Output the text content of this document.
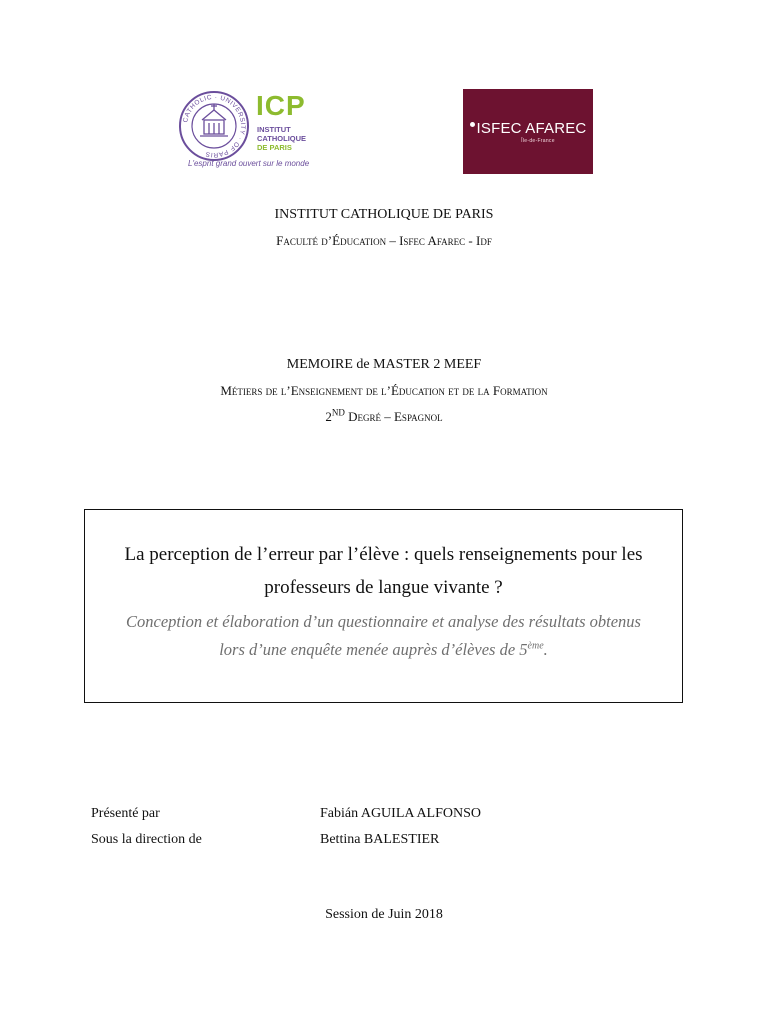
CATHOLIC · UNIVERSITY · OF PARIS
ICP
INSTITUT
CATHOLIQUE
DE PARIS
L'esprit grand ouvert sur le monde
ISFEC AFAREC
Île-de-France
INSTITUT CATHOLIQUE DE PARIS
Faculté d’Éducation – Isfec Afarec - Idf
MEMOIRE de MASTER 2 MEEF
Métiers de l’Enseignement de l’Éducation et de la Formation
2ND Degré – Espagnol
La perception de l’erreur par l’élève : quels renseignements pour les
professeurs de langue vivante ?
Conception et élaboration d’un questionnaire et analyse des résultats obtenus
lors d’une enquête menée auprès d’élèves de 5ème.
Présenté par	Fabián AGUILA ALFONSO
Sous la direction de	Bettina BALESTIER
Session de Juin 2018
